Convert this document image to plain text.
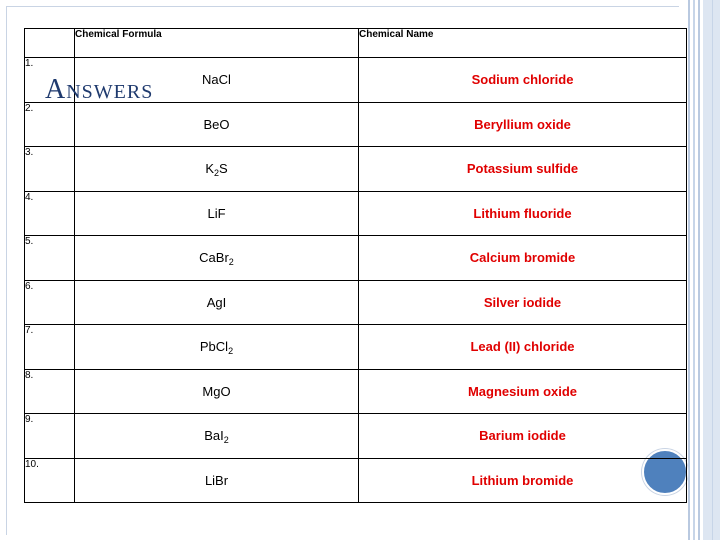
Answers
	Chemical Formula	Chemical Name
1.	NaCl	Sodium chloride
2.	BeO	Beryllium oxide
3.	$K_2S$	Potassium sulfide
4.	LiF	Lithium fluoride
5.	CaBr$_2$	Calcium bromide
6.	AgI	Silver iodide
7.	PbCl$_2$	Lead (II) chloride
8.	MgO	Magnesium oxide
9.	BaI$_2$	Barium iodide
10.	LiBr	Lithium bromide
